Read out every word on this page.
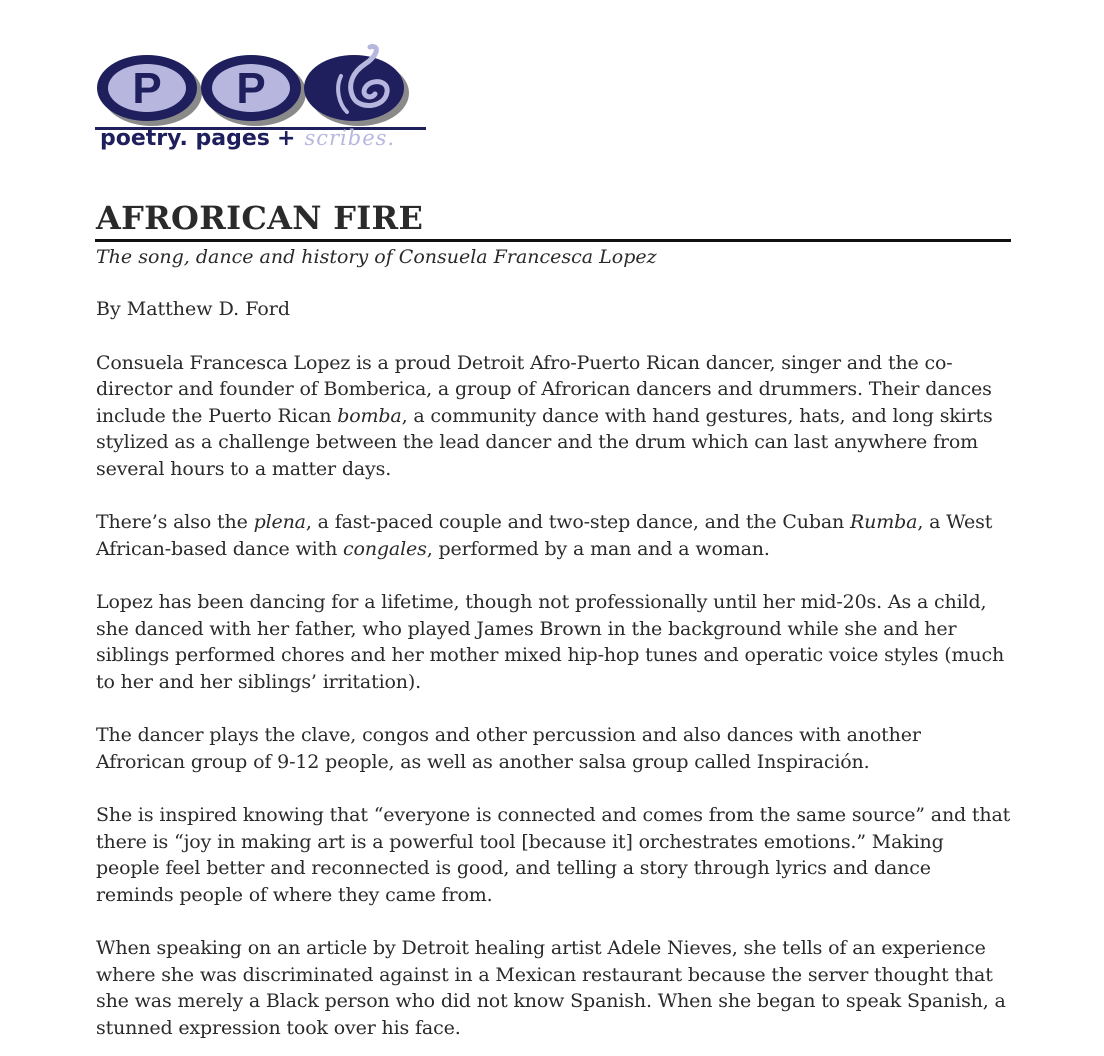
P P
poetry. pages + scribes.
AFRORICAN FIRE

The song, dance and history of Consuela Francesca Lopez

By Matthew D. Ford

Consuela Francesca Lopez is a proud Detroit Afro-Puerto Rican dancer, singer and the co-director and founder of Bomberica, a group of Afrorican dancers and drummers. Their dances include the Puerto Rican bomba, a community dance with hand gestures, hats, and long skirts stylized as a challenge between the lead dancer and the drum which can last anywhere from several hours to a matter days.

There’s also the plena, a fast-paced couple and two-step dance, and the Cuban Rumba, a West African-based dance with congales, performed by a man and a woman.

Lopez has been dancing for a lifetime, though not professionally until her mid-20s. As a child, she danced with her father, who played James Brown in the background while she and her siblings performed chores and her mother mixed hip-hop tunes and operatic voice styles (much to her and her siblings’ irritation).

The dancer plays the clave, congos and other percussion and also dances with another Afrorican group of 9-12 people, as well as another salsa group called Inspiración.

She is inspired knowing that “everyone is connected and comes from the same source” and that there is “joy in making art is a powerful tool [because it] orchestrates emotions.” Making people feel better and reconnected is good, and telling a story through lyrics and dance reminds people of where they came from.

When speaking on an article by Detroit healing artist Adele Nieves, she tells of an experience where she was discriminated against in a Mexican restaurant because the server thought that she was merely a Black person who did not know Spanish. When she began to speak Spanish, a stunned expression took over his face.
